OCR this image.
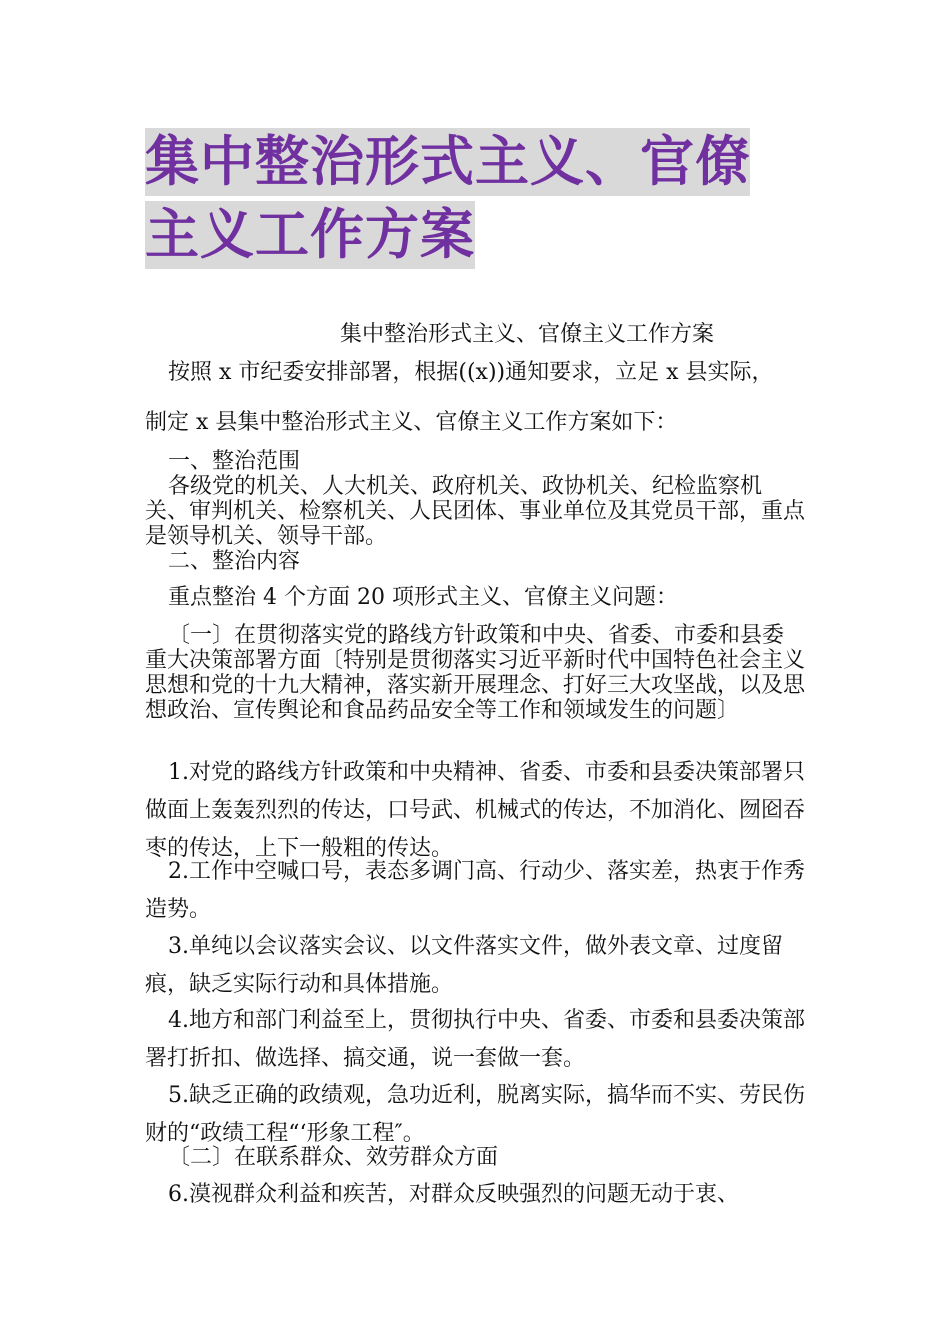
集中整治形式主义、官僚
主义工作方案

集中整治形式主义、官僚主义工作方案

按照 x 市纪委安排部署，根据((x))通知要求，立足 x 县实际，

制定 x 县集中整治形式主义、官僚主义工作方案如下：

一、整治范围

各级党的机关、人大机关、政府机关、政协机关、纪检监察机关、审判机关、检察机关、人民团体、事业单位及其党员干部，重点是领导机关、领导干部。

二、整治内容

重点整治 4 个方面 20 项形式主义、官僚主义问题：

〔一〕在贯彻落实党的路线方针政策和中央、省委、市委和县委重大决策部署方面〔特别是贯彻落实习近平新时代中国特色社会主义思想和党的十九大精神，落实新开展理念、打好三大攻坚战，以及思想政治、宣传舆论和食品药品安全等工作和领域发生的问题〕

1.对党的路线方针政策和中央精神、省委、市委和县委决策部署只做面上轰轰烈烈的传达，口号武、机械式的传达，不加消化、囫囵吞枣的传达，上下一般粗的传达。

2.工作中空喊口号，表态多调门高、行动少、落实差，热衷于作秀造势。

3.单纯以会议落实会议、以文件落实文件，做外表文章、过度留痕，缺乏实际行动和具体措施。

4.地方和部门利益至上，贯彻执行中央、省委、市委和县委决策部署打折扣、做选择、搞交通，说一套做一套。

5.缺乏正确的政绩观，急功近利，脱离实际，搞华而不实、劳民伤财的“政绩工程“‘形象工程″。

〔二〕在联系群众、效劳群众方面

6.漠视群众利益和疾苦，对群众反映强烈的问题无动于衷、
